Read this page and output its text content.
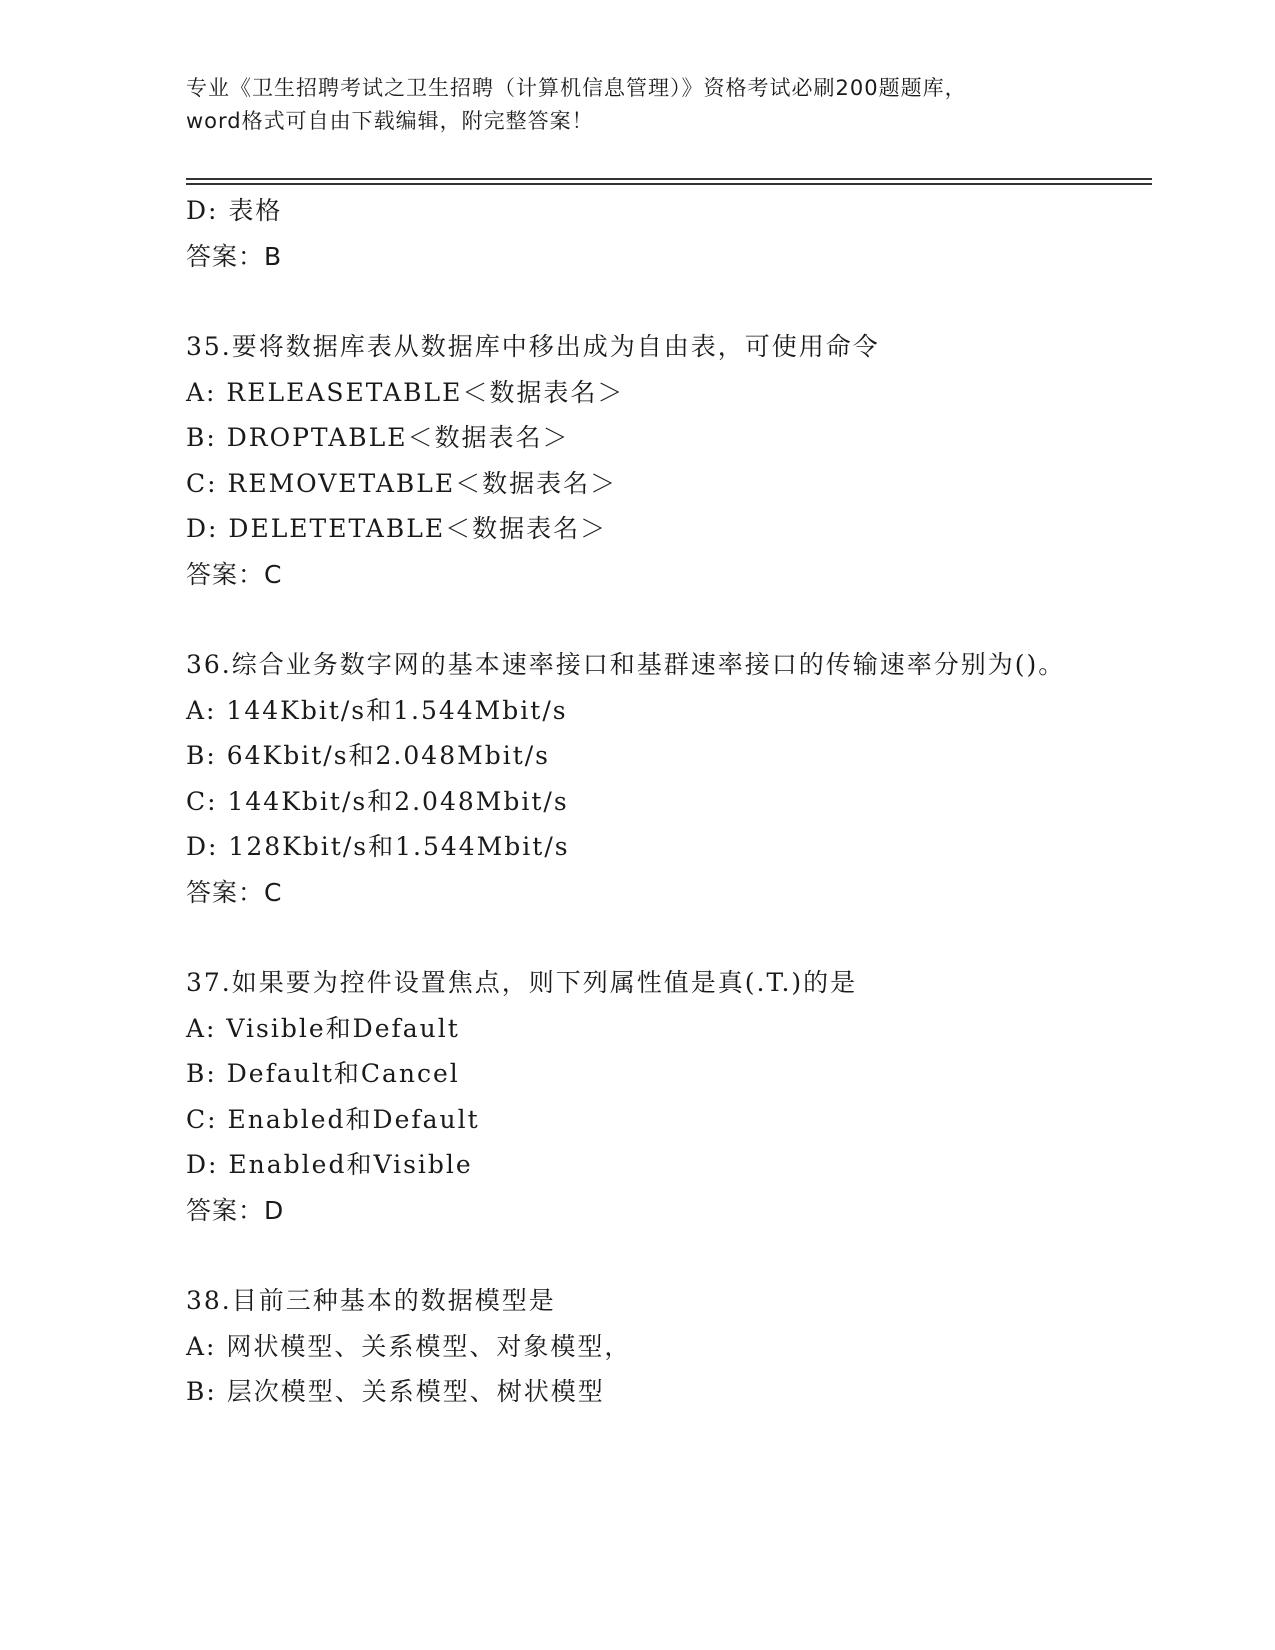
专业《卫生招聘考试之卫生招聘（计算机信息管理）》资格考试必刷200题题库，
word格式可自由下载编辑，附完整答案！
D: 表格
答案：B
35.要将数据库表从数据库中移出成为自由表，可使用命令
A: RELEASETABLE＜数据表名＞
B: DROPTABLE＜数据表名＞
C: REMOVETABLE＜数据表名＞
D: DELETETABLE＜数据表名＞
答案：C
36.综合业务数字网的基本速率接口和基群速率接口的传输速率分别为()。
A: 144Kbit/s和1.544Mbit/s
B: 64Kbit/s和2.048Mbit/s
C: 144Kbit/s和2.048Mbit/s
D: 128Kbit/s和1.544Mbit/s
答案：C
37.如果要为控件设置焦点，则下列属性值是真(.T.)的是
A: Visible和Default
B: Default和Cancel
C: Enabled和Default
D: Enabled和Visible
答案：D
38.目前三种基本的数据模型是
A: 网状模型、关系模型、对象模型，
B: 层次模型、关系模型、树状模型
